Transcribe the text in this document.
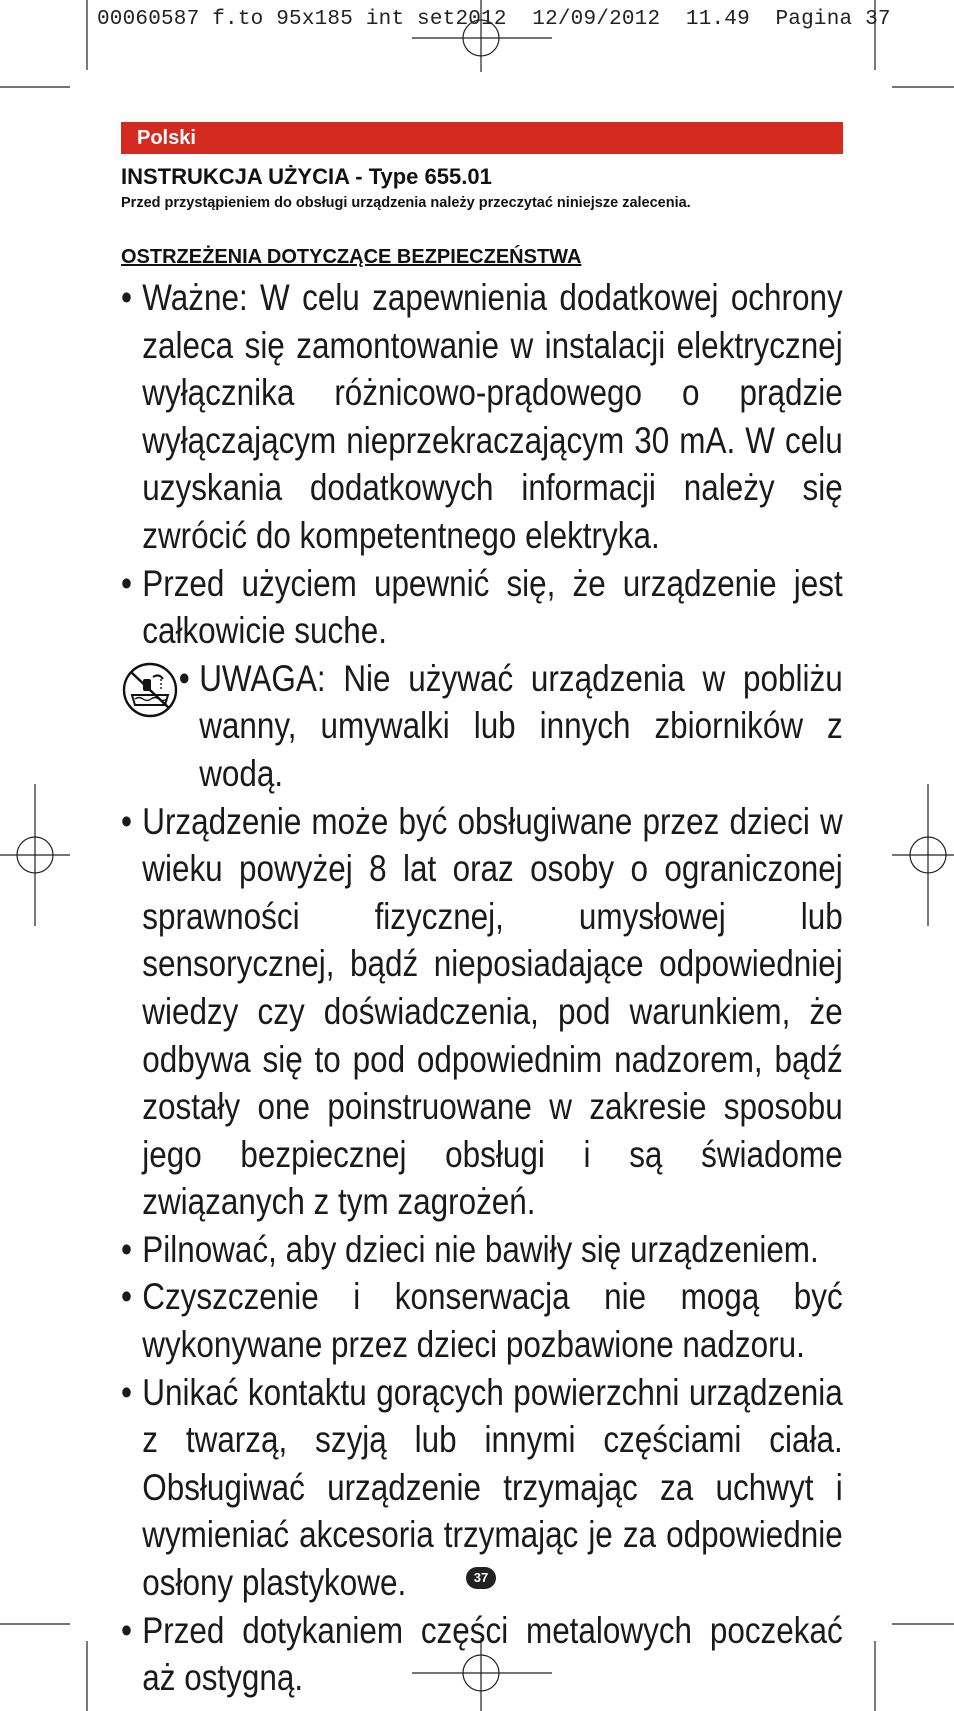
00060587 f.to 95x185 int set2012  12/09/2012  11.49  Pagina 37
Polski
INSTRUKCJA UŻYCIA - Type 655.01
Przed przystąpieniem do obsługi urządzenia należy przeczytać niniejsze zalecenia.
OSTRZEŻENIA DOTYCZĄCE BEZPIECZEŃSTWA
• Ważne: W celu zapewnienia dodatkowej ochrony zaleca się zamontowanie w instalacji elektrycznej wyłącznika różnicowo-prądowego o prądzie wyłączającym nieprzekraczającym 30 mA. W celu uzyskania dodatkowych informacji należy się zwrócić do kompetentnego elektryka.
• Przed użyciem upewnić się, że urządzenie jest całkowicie suche.
• UWAGA: Nie używać urządzenia w pobliżu wanny, umywalki lub innych zbiorników z wodą.
• Urządzenie może być obsługiwane przez dzieci w wieku powyżej 8 lat oraz osoby o ograniczonej sprawności fizycznej, umysłowej lub sensorycznej, bądź nieposiadające odpowiedniej wiedzy czy doświadczenia, pod warunkiem, że odbywa się to pod odpowiednim nadzorem, bądź zostały one poinstruowane w zakresie sposobu jego bezpiecznej obsługi i są świadome związanych z tym zagrożeń.
• Pilnować, aby dzieci nie bawiły się urządzeniem.
• Czyszczenie i konserwacja nie mogą być wykonywane przez dzieci pozbawione nadzoru.
• Unikać kontaktu gorących powierzchni urządzenia z twarzą, szyją lub innymi częściami ciała. Obsługiwać urządzenie trzymając za uchwyt i wymieniać akcesoria trzymając je za odpowiednie osłony plastykowe.
• Przed dotykaniem części metalowych poczekać aż ostygną.
37
